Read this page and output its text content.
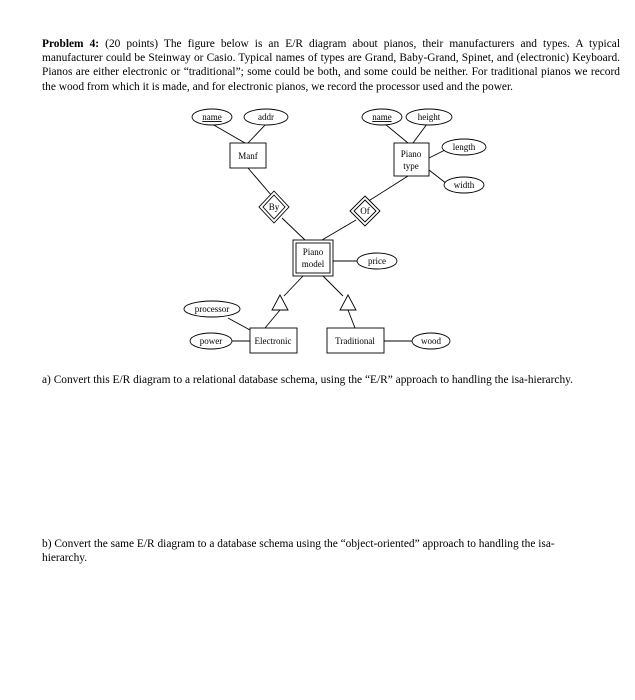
Problem 4: (20 points) The figure below is an E/R diagram about pianos, their manufacturers and types. A typical manufacturer could be Steinway or Casio. Typical names of types are Grand, Baby-Grand, Spinet, and (electronic) Keyboard. Pianos are either electronic or “traditional”; some could be both, and some could be neither. For traditional pianos we record the wood from which it is made, and for electronic pianos, we record the processor used and the power.
name	addr	name	height
length
width
price
processor
power	wood
Manf	Piano
type
Piano
model
Electronic	Traditional
By	Of
a) Convert this E/R diagram to a relational database schema, using the “E/R” approach to handling the isa-hierarchy.
b) Convert the same E/R diagram to a database schema using the “object-oriented” approach to handling the isa-hierarchy.
